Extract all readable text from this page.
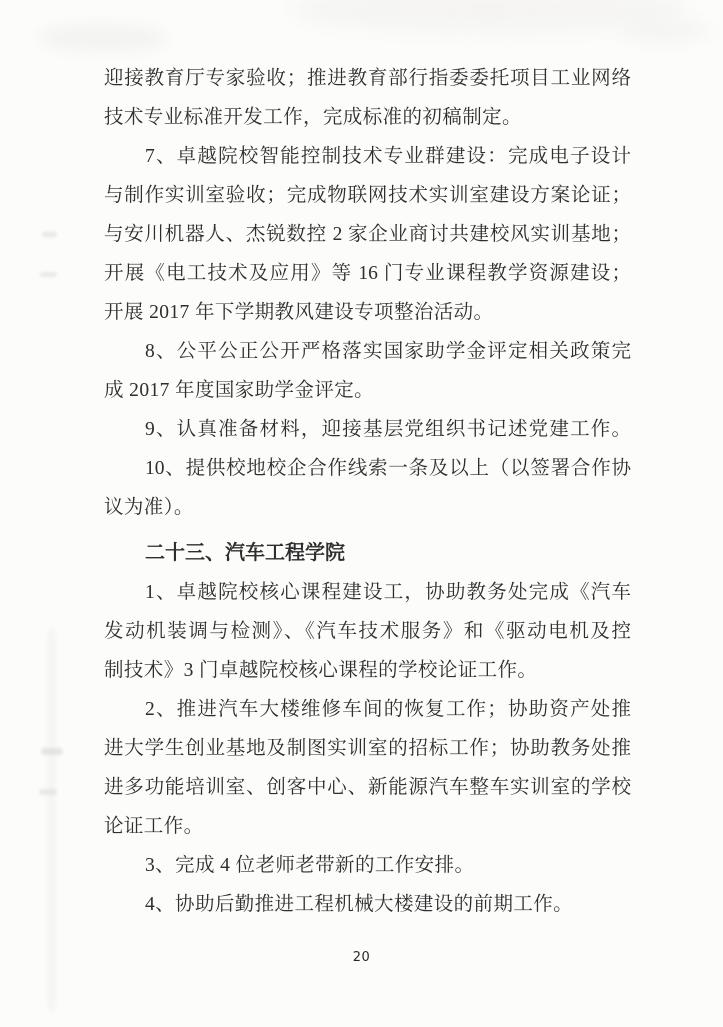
迎接教育厅专家验收；推进教育部行指委委托项目工业网络
技术专业标准开发工作，完成标准的初稿制定。
7、卓越院校智能控制技术专业群建设：完成电子设计
与制作实训室验收；完成物联网技术实训室建设方案论证；
与安川机器人、杰锐数控 2 家企业商讨共建校风实训基地；
开展《电工技术及应用》等 16 门专业课程教学资源建设；
开展 2017 年下学期教风建设专项整治活动。
8、公平公正公开严格落实国家助学金评定相关政策完
成 2017 年度国家助学金评定。
9、认真准备材料，迎接基层党组织书记述党建工作。
10、提供校地校企合作线索一条及以上（以签署合作协
议为准）。
二十三、汽车工程学院
1、卓越院校核心课程建设工，协助教务处完成《汽车
发动机装调与检测》、《汽车技术服务》和《驱动电机及控
制技术》3 门卓越院校核心课程的学校论证工作。
2、推进汽车大楼维修车间的恢复工作；协助资产处推
进大学生创业基地及制图实训室的招标工作；协助教务处推
进多功能培训室、创客中心、新能源汽车整车实训室的学校
论证工作。
3、完成 4 位老师老带新的工作安排。
4、协助后勤推进工程机械大楼建设的前期工作。
20
